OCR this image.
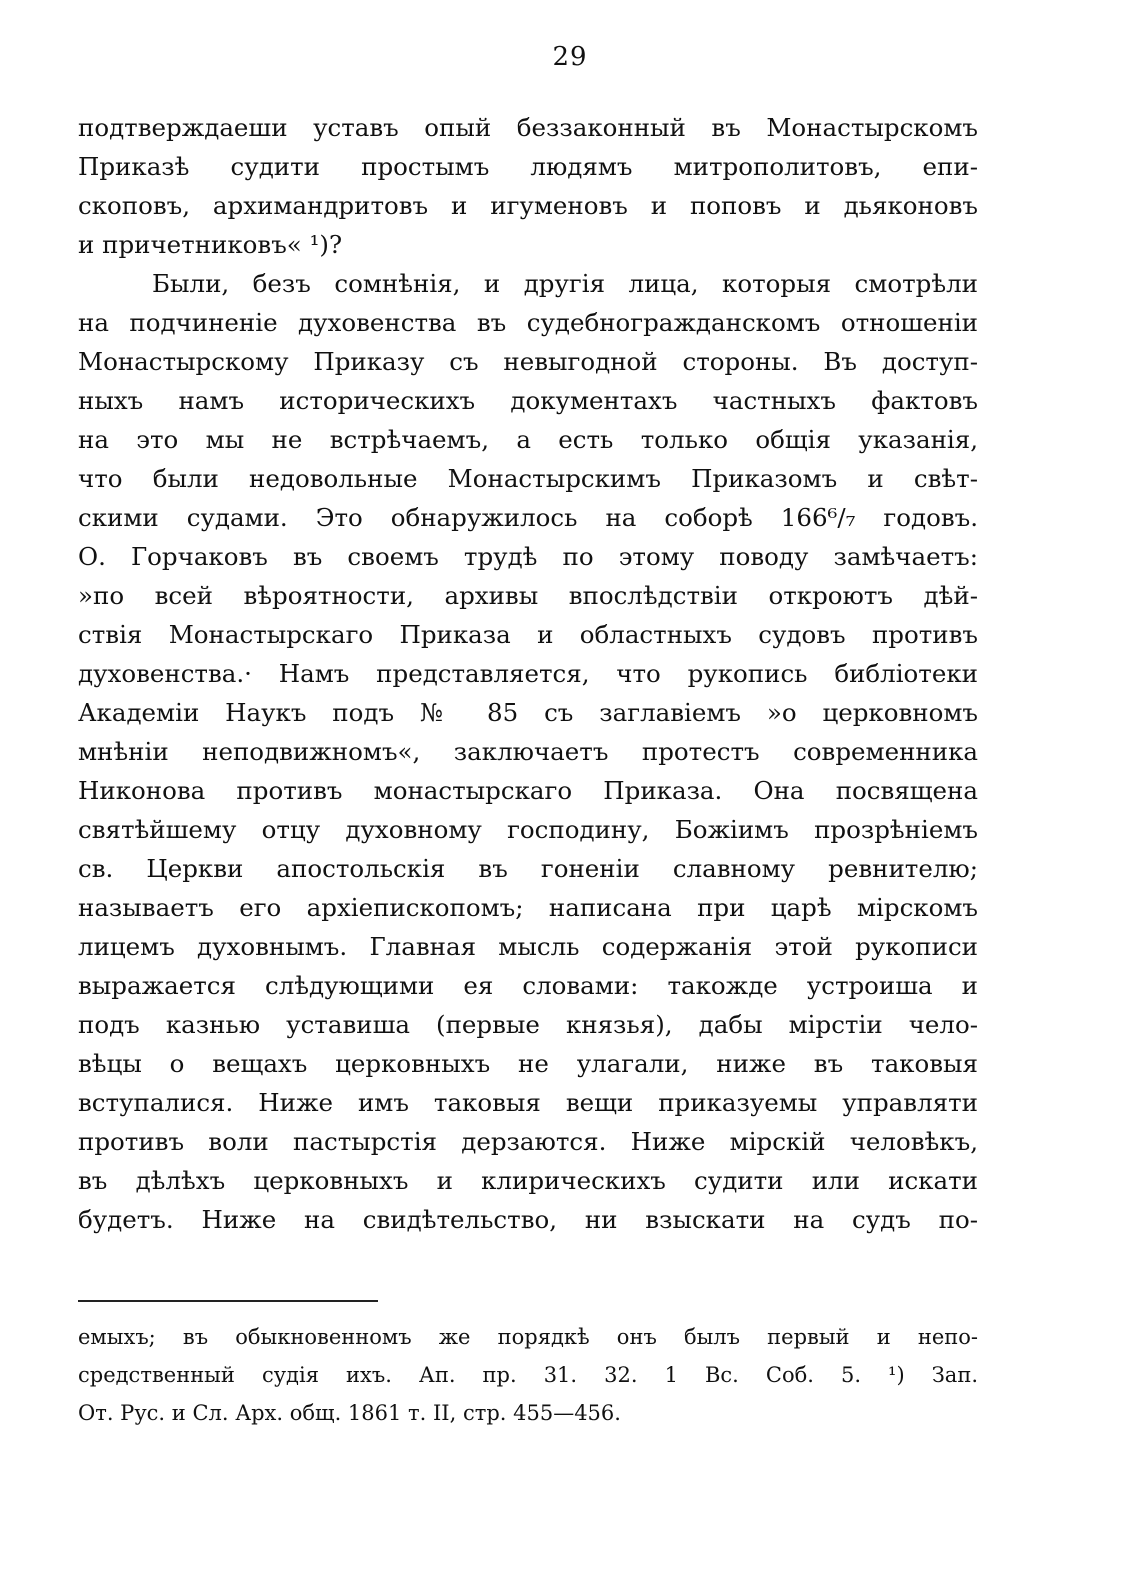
29
подтверждаеши уставъ опый беззаконный въ Монастырскомъ
Приказѣ судити простымъ людямъ митрополитовъ, епи-
скоповъ, архимандритовъ и игуменовъ и поповъ и дьяконовъ
и причетниковъ« ¹)?
Были, безъ сомнѣнія, и другія лица, которыя смотрѣли
на подчиненіе духовенства въ судебногражданскомъ отношеніи
Монастырскому Приказу съ невыгодной стороны. Въ доступ-
ныхъ намъ историческихъ документахъ частныхъ фактовъ
на это мы не встрѣчаемъ, а есть только общія указанія,
что были недовольные Монастырскимъ Приказомъ и свѣт-
скими судами. Это обнаружилось на соборѣ 166⁶/₇ годовъ.
О. Горчаковъ въ своемъ трудѣ по этому поводу замѣчаетъ:
»по всей вѣроятности, архивы впослѣдствіи откроютъ дѣй-
ствія Монастырскаго Приказа и областныхъ судовъ противъ
духовенства.· Намъ представляется, что рукопись библіотеки
Академіи Наукъ подъ № 85 съ заглавіемъ »о церковномъ
мнѣніи неподвижномъ«, заключаетъ протестъ современника
Никонова противъ монастырскаго Приказа. Она посвящена
святѣйшему отцу духовному господину, Божіимъ прозрѣніемъ
св. Церкви апостольскія въ гоненіи славному ревнителю;
называетъ его архіепископомъ; написана при царѣ мірскомъ
лицемъ духовнымъ. Главная мысль содержанія этой рукописи
выражается слѣдующими ея словами: такожде устроиша и
подъ казнью уставиша (первые князья), дабы мірстіи чело-
вѣцы о вещахъ церковныхъ не улагали, ниже въ таковыя
вступалися. Ниже имъ таковыя вещи приказуемы управляти
противъ воли пастырстія дерзаются. Ниже мірскій человѣкъ,
въ дѣлѣхъ церковныхъ и клирическихъ судити или искати
будетъ. Ниже на свидѣтельство, ни взыскати на судъ по-
емыхъ; въ обыкновенномъ же порядкѣ онъ былъ первый и непо-
средственный судія ихъ. Ап. пр. 31. 32. 1 Вс. Соб. 5. ¹) Зап.
От. Рус. и Сл. Арх. общ. 1861 т. II, стр. 455—456.
